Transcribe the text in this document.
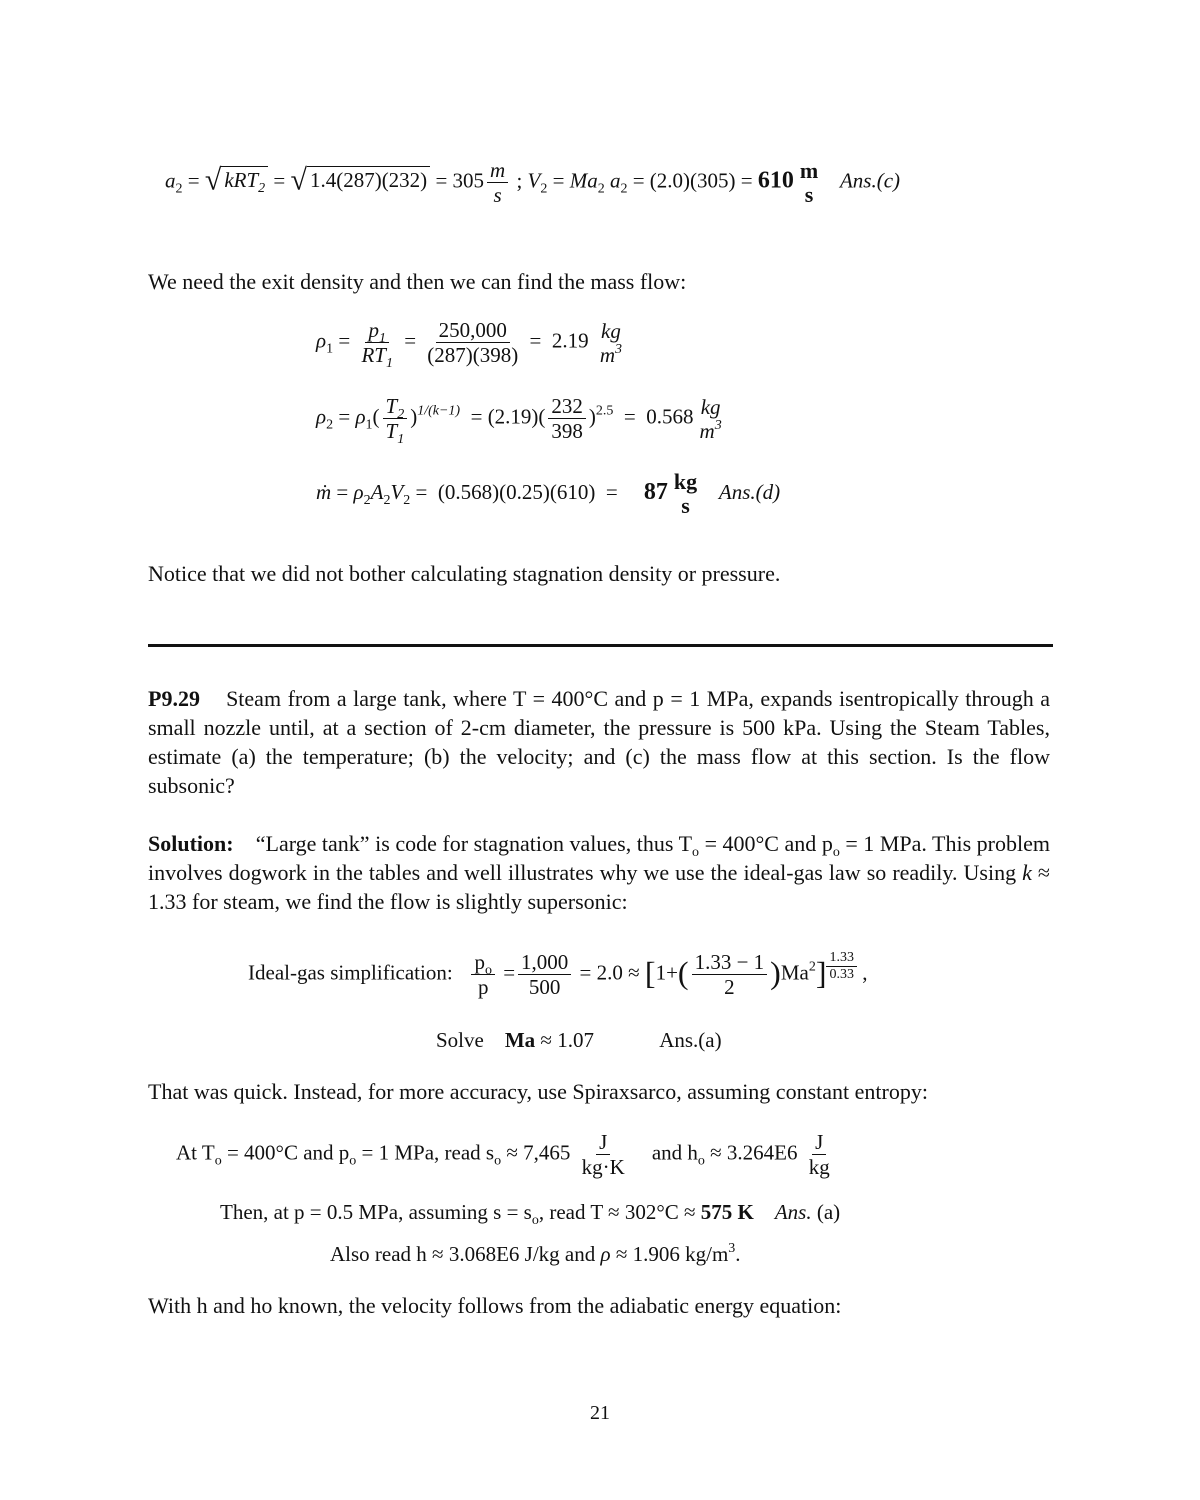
$a_2$ = √ kRT$_2$ = √ $1.4(287)(232) = 305 \frac{m}{s}$ ; $V_2 = Ma_2$ $a_2 = (2.0)(305) = 610$ m
s
Ans.(c)
We need the exit density and then we can find the mass flow:
$\rho_1 = \frac{p_1}{RT_1} = \frac{250,000}{(287)(398)} = 2.19$ kg
$m^3$
$\rho_2 = \rho_1( \frac{T_2}{T_1} )^{1/(k-1)} = (2.19)( \frac{232}{398} )^{2.5} = 0.568$ kg
$m^3$
ṁ = $\rho_2A_2V_2 = (0.568)(0.25)(610)$  =     87 kg
s
Ans.(d)
Notice that we did not bother calculating stagnation density or pressure.
P9.29 Steam from a large tank, where T = 400°C and p = 1 MPa, expands isentropically through a small nozzle until, at a section of 2-cm diameter, the pressure is 500 kPa. Using the Steam Tables, estimate (a) the temperature; (b) the velocity; and (c) the mass flow at this section. Is the flow subsonic?
Solution: “Large tank” is code for stagnation values, thus $T_o = 400^\circ C$ and $p_o = 1$ MPa. This problem involves dogwork in the tables and well illustrates why we use the ideal-gas law so readily. Using k ≈ 1.33 for steam, we find the flow is slightly supersonic:
Ideal-gas simplification: $\frac{p_o}{p} = \frac{1,000}{500} = 2.0 \approx [1+( \frac{1.33 - 1}{2} )Ma^2] \frac{1.33}{0.33}$ ,
Solve Ma ≈ 1.07	Ans.(a)
That was quick. Instead, for more accuracy, use Spiraxsarco, assuming constant entropy:
At $T_o = 400^\circ C$ and $p_o = 1$ MPa, read $s_o \approx 7,465 \frac{J}{kg\cdot K}$ and $h_o \approx 3.264E6 \frac{J}{kg}$
Then, at p = 0.5 MPa, assuming $s = s_o$, read T ≈ 302°C ≈ 575 K Ans. (a)
Also read h ≈ 3.068E6 J/kg and ρ ≈ 1.906 $kg/m^3$.
With h and ho known, the velocity follows from the adiabatic energy equation:
21
